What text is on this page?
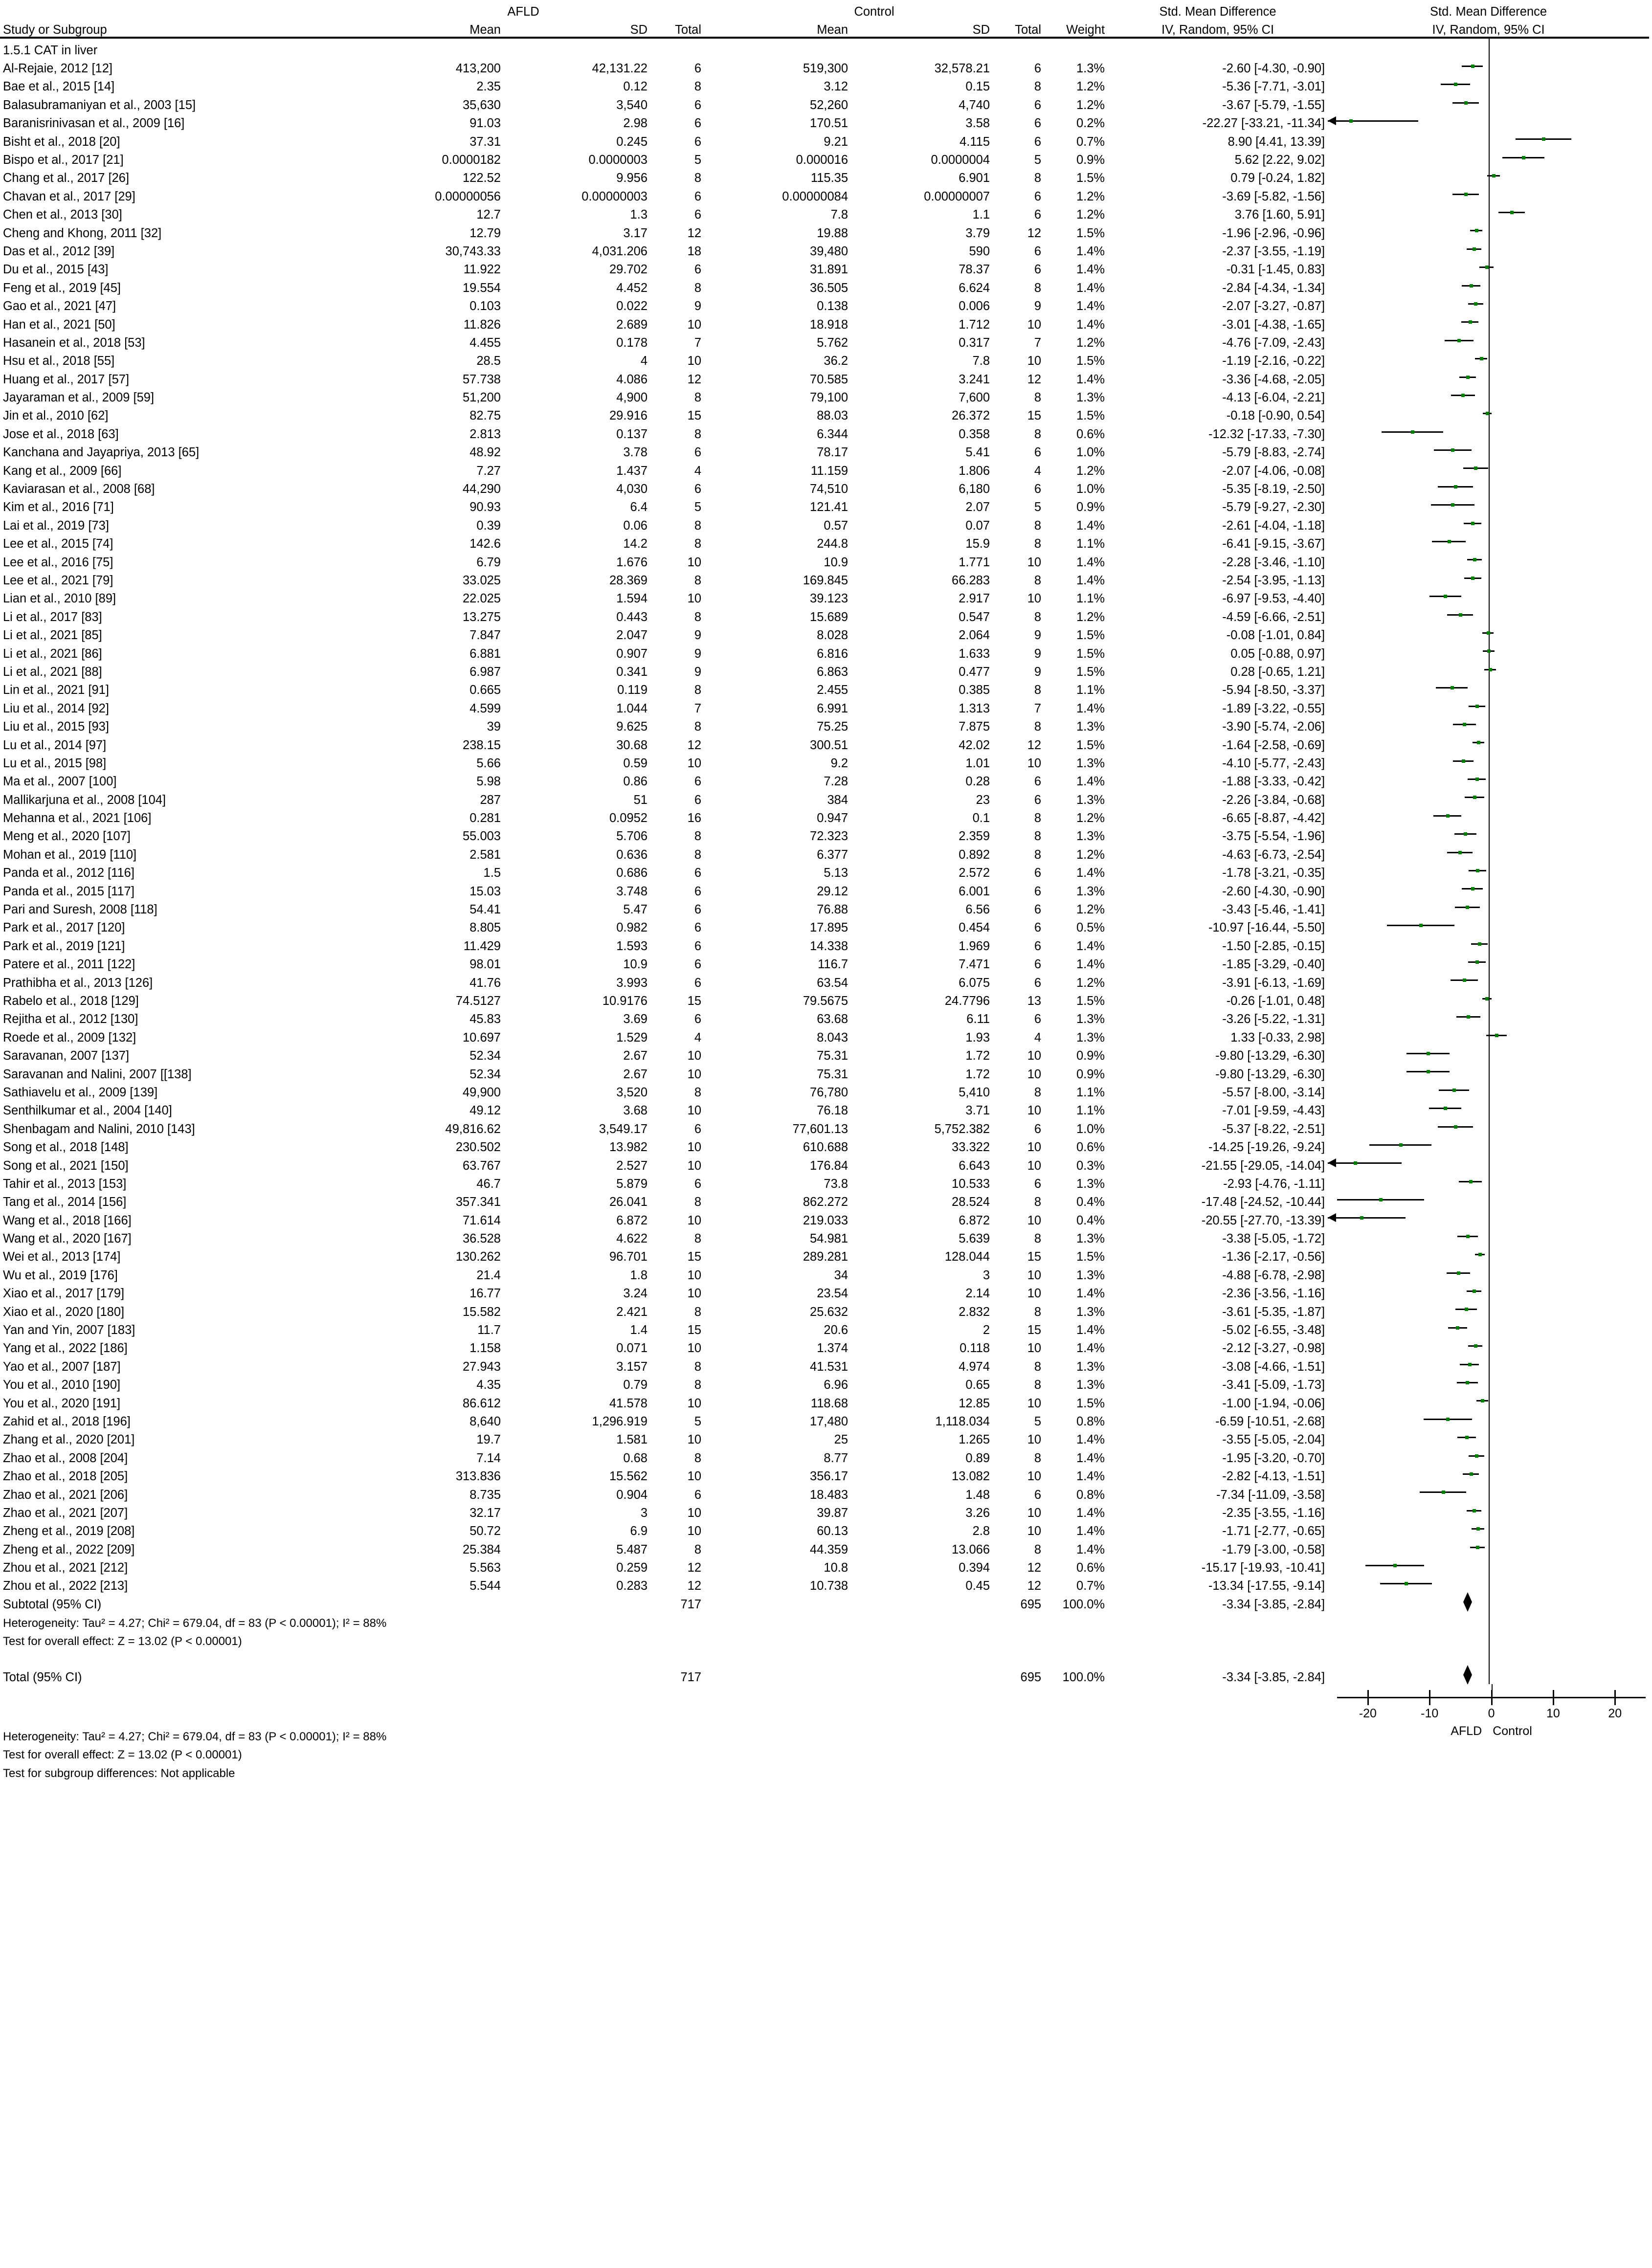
	AFLD			Control				Std. Mean Difference	Std. Mean Difference
Study or Subgroup	Mean	SD	Total	Mean	SD	Total	Weight	IV, Random, 95% CI	IV, Random, 95% CI

1.5.1 CAT in liver									

Al-Rejaie, 2012 [12]	413,200	42,131.22	6	519,300	32,578.21	6	1.3%	-2.60 [-4.30, -0.90]	

Bae et al., 2015 [14]	2.35	0.12	8	3.12	0.15	8	1.2%	-5.36 [-7.71, -3.01]	

Balasubramaniyan et al., 2003 [15]	35,630	3,540	6	52,260	4,740	6	1.2%	-3.67 [-5.79, -1.55]	

Baranisrinivasan et al., 2009 [16]	91.03	2.98	6	170.51	3.58	6	0.2%	-22.27 [-33.21, -11.34]	

Bisht et al., 2018 [20]	37.31	0.245	6	9.21	4.115	6	0.7%	8.90 [4.41, 13.39]	

Bispo et al., 2017 [21]	0.0000182	0.0000003	5	0.000016	0.0000004	5	0.9%	5.62 [2.22, 9.02]	

Chang et al., 2017 [26]	122.52	9.956	8	115.35	6.901	8	1.5%	0.79 [-0.24, 1.82]	

Chavan et al., 2017 [29]	0.00000056	0.00000003	6	0.00000084	0.00000007	6	1.2%	-3.69 [-5.82, -1.56]	

Chen et al., 2013 [30]	12.7	1.3	6	7.8	1.1	6	1.2%	3.76 [1.60, 5.91]	

Cheng and Khong, 2011 [32]	12.79	3.17	12	19.88	3.79	12	1.5%	-1.96 [-2.96, -0.96]	

Das et al., 2012 [39]	30,743.33	4,031.206	18	39,480	590	6	1.4%	-2.37 [-3.55, -1.19]	

Du et al., 2015 [43]	11.922	29.702	6	31.891	78.37	6	1.4%	-0.31 [-1.45, 0.83]	

Feng et al., 2019 [45]	19.554	4.452	8	36.505	6.624	8	1.4%	-2.84 [-4.34, -1.34]	

Gao et al., 2021 [47]	0.103	0.022	9	0.138	0.006	9	1.4%	-2.07 [-3.27, -0.87]	

Han et al., 2021 [50]	11.826	2.689	10	18.918	1.712	10	1.4%	-3.01 [-4.38, -1.65]	

Hasanein et al., 2018 [53]	4.455	0.178	7	5.762	0.317	7	1.2%	-4.76 [-7.09, -2.43]	

Hsu et al., 2018 [55]	28.5	4	10	36.2	7.8	10	1.5%	-1.19 [-2.16, -0.22]	

Huang et al., 2017 [57]	57.738	4.086	12	70.585	3.241	12	1.4%	-3.36 [-4.68, -2.05]	

Jayaraman et al., 2009 [59]	51,200	4,900	8	79,100	7,600	8	1.3%	-4.13 [-6.04, -2.21]	

Jin et al., 2010 [62]	82.75	29.916	15	88.03	26.372	15	1.5%	-0.18 [-0.90, 0.54]	

Jose et al., 2018 [63]	2.813	0.137	8	6.344	0.358	8	0.6%	-12.32 [-17.33, -7.30]	

Kanchana and Jayapriya, 2013 [65]	48.92	3.78	6	78.17	5.41	6	1.0%	-5.79 [-8.83, -2.74]	

Kang et al., 2009 [66]	7.27	1.437	4	11.159	1.806	4	1.2%	-2.07 [-4.06, -0.08]	

Kaviarasan et al., 2008 [68]	44,290	4,030	6	74,510	6,180	6	1.0%	-5.35 [-8.19, -2.50]	

Kim et al., 2016 [71]	90.93	6.4	5	121.41	2.07	5	0.9%	-5.79 [-9.27, -2.30]	

Lai et al., 2019 [73]	0.39	0.06	8	0.57	0.07	8	1.4%	-2.61 [-4.04, -1.18]	

Lee et al., 2015 [74]	142.6	14.2	8	244.8	15.9	8	1.1%	-6.41 [-9.15, -3.67]	

Lee et al., 2016 [75]	6.79	1.676	10	10.9	1.771	10	1.4%	-2.28 [-3.46, -1.10]	

Lee et al., 2021 [79]	33.025	28.369	8	169.845	66.283	8	1.4%	-2.54 [-3.95, -1.13]	

Lian et al., 2010 [89]	22.025	1.594	10	39.123	2.917	10	1.1%	-6.97 [-9.53, -4.40]	

Li et al., 2017 [83]	13.275	0.443	8	15.689	0.547	8	1.2%	-4.59 [-6.66, -2.51]	

Li et al., 2021 [85]	7.847	2.047	9	8.028	2.064	9	1.5%	-0.08 [-1.01, 0.84]	

Li et al., 2021 [86]	6.881	0.907	9	6.816	1.633	9	1.5%	0.05 [-0.88, 0.97]	

Li et al., 2021 [88]	6.987	0.341	9	6.863	0.477	9	1.5%	0.28 [-0.65, 1.21]	

Lin et al., 2021 [91]	0.665	0.119	8	2.455	0.385	8	1.1%	-5.94 [-8.50, -3.37]	

Liu et al., 2014 [92]	4.599	1.044	7	6.991	1.313	7	1.4%	-1.89 [-3.22, -0.55]	

Liu et al., 2015 [93]	39	9.625	8	75.25	7.875	8	1.3%	-3.90 [-5.74, -2.06]	

Lu et al., 2014 [97]	238.15	30.68	12	300.51	42.02	12	1.5%	-1.64 [-2.58, -0.69]	

Lu et al., 2015 [98]	5.66	0.59	10	9.2	1.01	10	1.3%	-4.10 [-5.77, -2.43]	

Ma et al., 2007 [100]	5.98	0.86	6	7.28	0.28	6	1.4%	-1.88 [-3.33, -0.42]	

Mallikarjuna et al., 2008 [104]	287	51	6	384	23	6	1.3%	-2.26 [-3.84, -0.68]	

Mehanna et al., 2021 [106]	0.281	0.0952	16	0.947	0.1	8	1.2%	-6.65 [-8.87, -4.42]	

Meng et al., 2020 [107]	55.003	5.706	8	72.323	2.359	8	1.3%	-3.75 [-5.54, -1.96]	

Mohan et al., 2019 [110]	2.581	0.636	8	6.377	0.892	8	1.2%	-4.63 [-6.73, -2.54]	

Panda et al., 2012 [116]	1.5	0.686	6	5.13	2.572	6	1.4%	-1.78 [-3.21, -0.35]	

Panda et al., 2015 [117]	15.03	3.748	6	29.12	6.001	6	1.3%	-2.60 [-4.30, -0.90]	

Pari and Suresh, 2008 [118]	54.41	5.47	6	76.88	6.56	6	1.2%	-3.43 [-5.46, -1.41]	

Park et al., 2017 [120]	8.805	0.982	6	17.895	0.454	6	0.5%	-10.97 [-16.44, -5.50]	

Park et al., 2019 [121]	11.429	1.593	6	14.338	1.969	6	1.4%	-1.50 [-2.85, -0.15]	

Patere et al., 2011 [122]	98.01	10.9	6	116.7	7.471	6	1.4%	-1.85 [-3.29, -0.40]	

Prathibha et al., 2013 [126]	41.76	3.993	6	63.54	6.075	6	1.2%	-3.91 [-6.13, -1.69]	

Rabelo et al., 2018 [129]	74.5127	10.9176	15	79.5675	24.7796	13	1.5%	-0.26 [-1.01, 0.48]	

Rejitha et al., 2012 [130]	45.83	3.69	6	63.68	6.11	6	1.3%	-3.26 [-5.22, -1.31]	

Roede et al., 2009 [132]	10.697	1.529	4	8.043	1.93	4	1.3%	1.33 [-0.33, 2.98]	

Saravanan, 2007 [137]	52.34	2.67	10	75.31	1.72	10	0.9%	-9.80 [-13.29, -6.30]	

Saravanan and Nalini, 2007 [[138]	52.34	2.67	10	75.31	1.72	10	0.9%	-9.80 [-13.29, -6.30]	

Sathiavelu et al., 2009 [139]	49,900	3,520	8	76,780	5,410	8	1.1%	-5.57 [-8.00, -3.14]	

Senthilkumar et al., 2004 [140]	49.12	3.68	10	76.18	3.71	10	1.1%	-7.01 [-9.59, -4.43]	

Shenbagam and Nalini, 2010 [143]	49,816.62	3,549.17	6	77,601.13	5,752.382	6	1.0%	-5.37 [-8.22, -2.51]	

Song et al., 2018 [148]	230.502	13.982	10	610.688	33.322	10	0.6%	-14.25 [-19.26, -9.24]	

Song et al., 2021 [150]	63.767	2.527	10	176.84	6.643	10	0.3%	-21.55 [-29.05, -14.04]	

Tahir et al., 2013 [153]	46.7	5.879	6	73.8	10.533	6	1.3%	-2.93 [-4.76, -1.11]	

Tang et al., 2014 [156]	357.341	26.041	8	862.272	28.524	8	0.4%	-17.48 [-24.52, -10.44]	

Wang et al., 2018 [166]	71.614	6.872	10	219.033	6.872	10	0.4%	-20.55 [-27.70, -13.39]	

Wang et al., 2020 [167]	36.528	4.622	8	54.981	5.639	8	1.3%	-3.38 [-5.05, -1.72]	

Wei et al., 2013 [174]	130.262	96.701	15	289.281	128.044	15	1.5%	-1.36 [-2.17, -0.56]	

Wu et al., 2019 [176]	21.4	1.8	10	34	3	10	1.3%	-4.88 [-6.78, -2.98]	

Xiao et al., 2017 [179]	16.77	3.24	10	23.54	2.14	10	1.4%	-2.36 [-3.56, -1.16]	

Xiao et al., 2020 [180]	15.582	2.421	8	25.632	2.832	8	1.3%	-3.61 [-5.35, -1.87]	

Yan and Yin, 2007 [183]	11.7	1.4	15	20.6	2	15	1.4%	-5.02 [-6.55, -3.48]	

Yang et al., 2022 [186]	1.158	0.071	10	1.374	0.118	10	1.4%	-2.12 [-3.27, -0.98]	

Yao et al., 2007 [187]	27.943	3.157	8	41.531	4.974	8	1.3%	-3.08 [-4.66, -1.51]	

You et al., 2010 [190]	4.35	0.79	8	6.96	0.65	8	1.3%	-3.41 [-5.09, -1.73]	

You et al., 2020 [191]	86.612	41.578	10	118.68	12.85	10	1.5%	-1.00 [-1.94, -0.06]	

Zahid et al., 2018 [196]	8,640	1,296.919	5	17,480	1,118.034	5	0.8%	-6.59 [-10.51, -2.68]	

Zhang et al., 2020 [201]	19.7	1.581	10	25	1.265	10	1.4%	-3.55 [-5.05, -2.04]	

Zhao et al., 2008 [204]	7.14	0.68	8	8.77	0.89	8	1.4%	-1.95 [-3.20, -0.70]	

Zhao et al., 2018 [205]	313.836	15.562	10	356.17	13.082	10	1.4%	-2.82 [-4.13, -1.51]	

Zhao et al., 2021 [206]	8.735	0.904	6	18.483	1.48	6	0.8%	-7.34 [-11.09, -3.58]	

Zhao et al., 2021 [207]	32.17	3	10	39.87	3.26	10	1.4%	-2.35 [-3.55, -1.16]	

Zheng et al., 2019 [208]	50.72	6.9	10	60.13	2.8	10	1.4%	-1.71 [-2.77, -0.65]	

Zheng et al., 2022 [209]	25.384	5.487	8	44.359	13.066	8	1.4%	-1.79 [-3.00, -0.58]	

Zhou et al., 2021 [212]	5.563	0.259	12	10.8	0.394	12	0.6%	-15.17 [-19.93, -10.41]	

Zhou et al., 2022 [213]	5.544	0.283	12	10.738	0.45	12	0.7%	-13.34 [-17.55, -9.14]	

Subtotal (95% CI)			717			695	100.0%	-3.34 [-3.85, -2.84]	

Heterogeneity: Tau² = 4.27; Chi² = 679.04, df = 83 (P < 0.00001); I² = 88%									

Test for overall effect: Z = 13.02 (P < 0.00001)									

Total (95% CI)			717			695	100.0%	-3.34 [-3.85, -2.84]	

Heterogeneity: Tau² = 4.27; Chi² = 679.04, df = 83 (P < 0.00001); I² = 88%	
-20	-10	0	10	20
AFLD Control

Test for overall effect: Z = 13.02 (P < 0.00001)									
Test for subgroup differences: Not applicable									
